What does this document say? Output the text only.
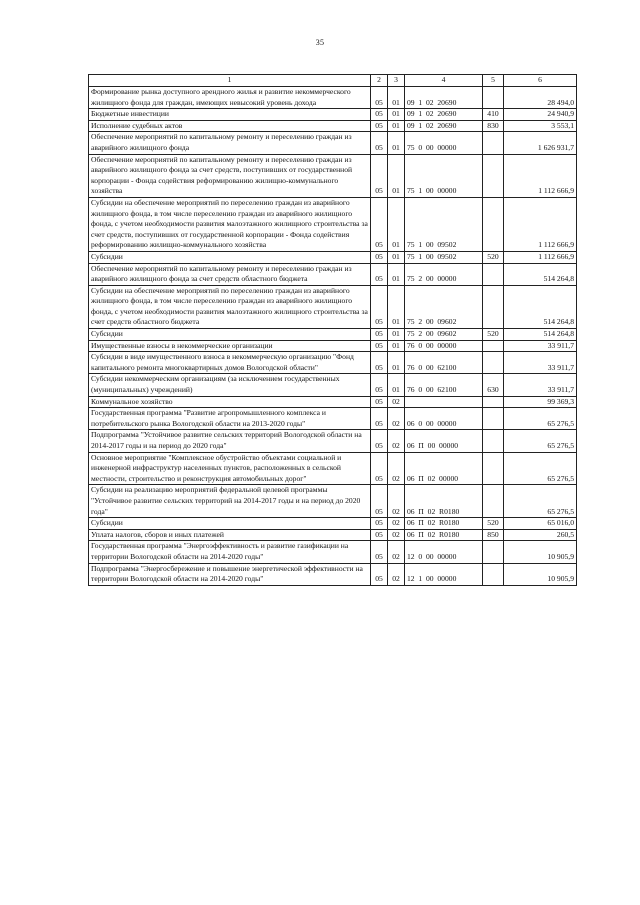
35
1	2	3	4	5	6

Формирование рынка доступного арендного жилья и развитие некоммерческого жилищного фонда для граждан, имеющих невысокий уровень дохода	05	01	09  1  02  20690		28 494,0

Бюджетные инвестиции	05	01	09  1  02  20690	410	24 940,9

Исполнение судебных актов	05	01	09  1  02  20690	830	3 553,1

Обеспечение мероприятий по капитальному ремонту и переселению граждан из аварийного жилищного фонда	05	01	75  0  00  00000		1 626 931,7

Обеспечение мероприятий по капитальному ремонту и переселению граждан из аварийного жилищного фонда за счет средств, поступивших от государственной корпорации - Фонда содействия реформированию жилищно-коммунального хозяйства	05	01	75  1  00  00000		1 112 666,9

Субсидии на обеспечение мероприятий по переселению граждан из аварийного жилищного фонда, в том числе переселению граждан из аварийного жилищного фонда, с учетом необходимости развития малоэтажного жилищного строительства за счет средств, поступивших от государственной корпорации - Фонда содействия реформированию жилищно-коммунального хозяйства	05	01	75  1  00  09502		1 112 666,9

Субсидии	05	01	75  1  00  09502	520	1 112 666,9

Обеспечение мероприятий по капитальному ремонту и переселению граждан из аварийного жилищного фонда за счет средств областного бюджета	05	01	75  2  00  00000		514 264,8

Субсидии на обеспечение мероприятий по переселению граждан из аварийного жилищного фонда, в том числе переселению граждан из аварийного жилищного фонда, с учетом необходимости развития малоэтажного жилищного строительства за счет средств областного бюджета	05	01	75  2  00  09602		514 264,8

Субсидии	05	01	75  2  00  09602	520	514 264,8

Имущественные взносы в некоммерческие организации	05	01	76  0  00  00000		33 911,7

Субсидии в виде имущественного взноса в некоммерческую организацию "Фонд капитального ремонта многоквартирных домов Вологодской области"	05	01	76  0  00  62100		33 911,7

Субсидии некоммерческим организациям (за исключением государственных (муниципальных) учреждений)	05	01	76  0  00  62100	630	33 911,7

Коммунальное хозяйство	05	02			99 369,3

Государственная программа "Развитие агропромышленного комплекса и потребительского рынка Вологодской области на 2013-2020 годы"	05	02	06  0  00  00000		65 276,5

Подпрограмма "Устойчивое развитие сельских территорий Вологодской области на 2014-2017 годы и на период до 2020 года"	05	02	06  П  00  00000		65 276,5

Основное мероприятие "Комплексное обустройство объектами социальной и инженерной инфраструктур населенных пунктов, расположенных в сельской местности, строительство и реконструкция автомобильных дорог"	05	02	06  П  02  00000		65 276,5

Субсидии на реализацию мероприятий федеральной целевой программы "Устойчивое развитие сельских территорий на 2014-2017 годы и на период до 2020 года"	05	02	06  П  02  R0180		65 276,5

Субсидии	05	02	06  П  02  R0180	520	65 016,0

Уплата налогов, сборов и иных платежей	05	02	06  П  02  R0180	850	260,5

Государственная программа "Энергоэффективность и развитие газификации на территории Вологодской области на 2014-2020 годы"	05	02	12  0  00  00000		10 905,9

Подпрограмма "Энергосбережение и повышение энергетической эффективности на территории Вологодской области на 2014-2020 годы"	05	02	12  1  00  00000		10 905,9
